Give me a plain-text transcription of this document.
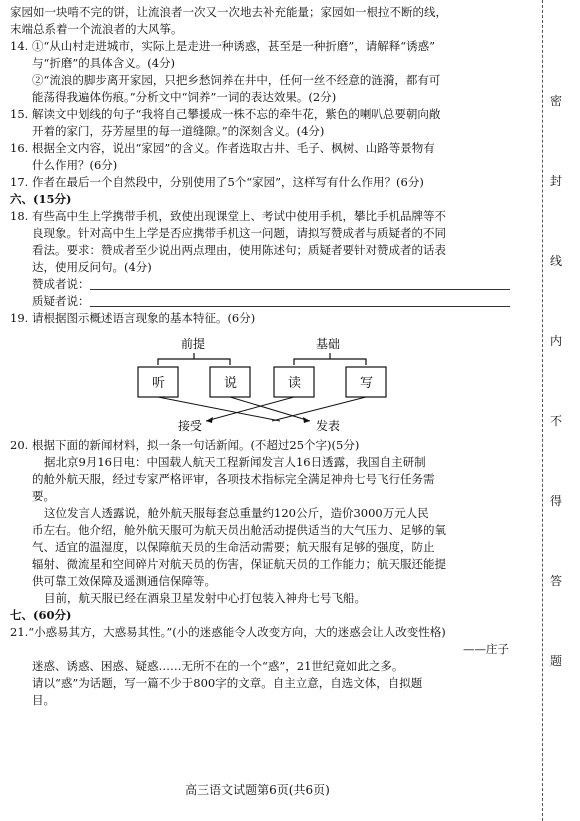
家园如一块啃不完的饼，让流浪者一次又一次地去补充能量；家园如一根拉不断的线，
末端总系着一个流浪者的大风筝。
14. ①“从山村走进城市，实际上是走进一种诱惑，甚至是一种折磨”，请解释“诱惑”
与“折磨”的具体含义。(4分)
②“流浪的脚步离开家园，只把乡愁饲养在井中，任何一丝不经意的涟漪，都有可
能荡得我遍体伤痕。”分析文中“饲养”一词的表达效果。(2分)
15. 解读文中划线的句子“我将自己攀援成一株不忘的牵牛花，紫色的喇叭总要朝向敞
开着的家门，芬芳屋里的每一道缝隙。”的深刻含义。(4分)
16. 根据全文内容，说出“家园”的含义。作者选取古井、毛子、枫树、山路等景物有
什么作用？(6分)
17. 作者在最后一个自然段中，分别使用了5个“家园”，这样写有什么作用？(6分)
六、(15分)
18. 有些高中生上学携带手机，致使出现课堂上、考试中使用手机，攀比手机品牌等不
良现象。针对高中生上学是否应携带手机这一问题，请拟写赞成者与质疑者的不同
看法。要求：赞成者至少说出两点理由，使用陈述句；质疑者要针对赞成者的话表
达，使用反问句。(4分)
赞成者说：
质疑者说：
19. 请根据图示概述语言现象的基本特征。(6分)
前提	基础
听	说	读	写
接受	发表
20. 根据下面的新闻材料，拟一条一句话新闻。(不超过25个字)(5分)
据北京9月16日电：中国载人航天工程新闻发言人16日透露，我国自主研制
的舱外航天服，经过专家严格评审，各项技术指标完全满足神舟七号飞行任务需
要。
这位发言人透露说，舱外航天服每套总重量约120公斤，造价3000万元人民
币左右。他介绍，舱外航天服可为航天员出舱活动提供适当的大气压力、足够的氧
气、适宜的温湿度，以保障航天员的生命活动需要；航天服有足够的强度，防止
辐射、微流星和空间碎片对航天员的伤害，保证航天员的工作能力；航天服还能提
供可靠工效保障及遥测通信保障等。
目前，航天服已经在酒泉卫星发射中心打包装入神舟七号飞船。
七、(60分)
21.“小惑易其方，大惑易其性。”(小的迷惑能令人改变方向，大的迷惑会让人改变性格)
——庄子
迷惑、诱惑、困惑、疑惑……无所不在的一个“惑”，21世纪竟如此之多。
请以“惑”为话题，写一篇不少于800字的文章。自主立意，自选文体，自拟题
目。
高三语文试题第6页(共6页)
密
封
线
内
不
得
答
题
